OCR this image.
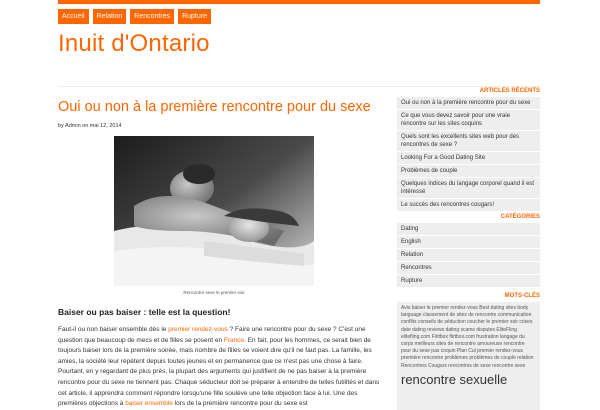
Accueil	Relation	Rencontres	Rupture
Inuit d'Ontario
Oui ou non à la première rencontre pour du sexe
by Admin on mai 12, 2014
Rencontre sexe le premier soir
Baiser ou pas baiser : telle est la question!

Faut-il ou non baiser ensemble dès le premier rendez-vous ? Faire une rencontre pour du sexe ? C'est une question que beaucoup de mecs et de filles se posent en France. En fait, pour les hommes, ce serait bien de toujours baiser lors de la première soirée, mais nombre de filles se voient dire qu'il ne faut pas. La famille, les amies, la société leur répètent depuis toutes jeunes et en permanence que ce n'est pas une chose à faire. Pourtant, en y regardant de plus près, la plupart des arguments qui justifient de ne pas baiser à la première rencontre pour du sexe ne tiennent pas. Chaque séducteur doit se préparer à entendre de telles futilités et dans cet article, il apprendra comment répondre lorsqu'une fille soulève une telle objection face à lui. Une des premières objections à baiser ensemble lors de la première rencontre pour du sexe est

ARTICLES RÉCENTS
Oui ou non à la première rencontre pour du sexe
Ce que vous devez savoir pour une vraie rencontre sur les sites coquins
Quels sont les excellents sites web pour des rencontres de sexe ?
Looking For a Good Dating Site
Problèmes de couple
Quelques indices du langage corporel quand il est intéressé
Le succès des rencontres cougars!
CATÉGORIES
Dating
English
Relation
Rencontres
Rupture
MOTS-CLÉS
Avis baiser le premier rendez-vous Best dating sites body language classement de sites de rencontre communication conflits conseils de séduction coucher le premier soir crises date dating reviews dating scams disputes EliteFling elitefling.com Flirtbox flirtbox.com frustration langage du corps meilleurs sites de rencontre amoureuse rencontre pour du sexe pas coquin Plan Cul premier rendez-vous première rencontre problèmes problèmes de couple relation Rencontres Cougars rencontres de sexe rencontre sexe
rencontre sexuelle
